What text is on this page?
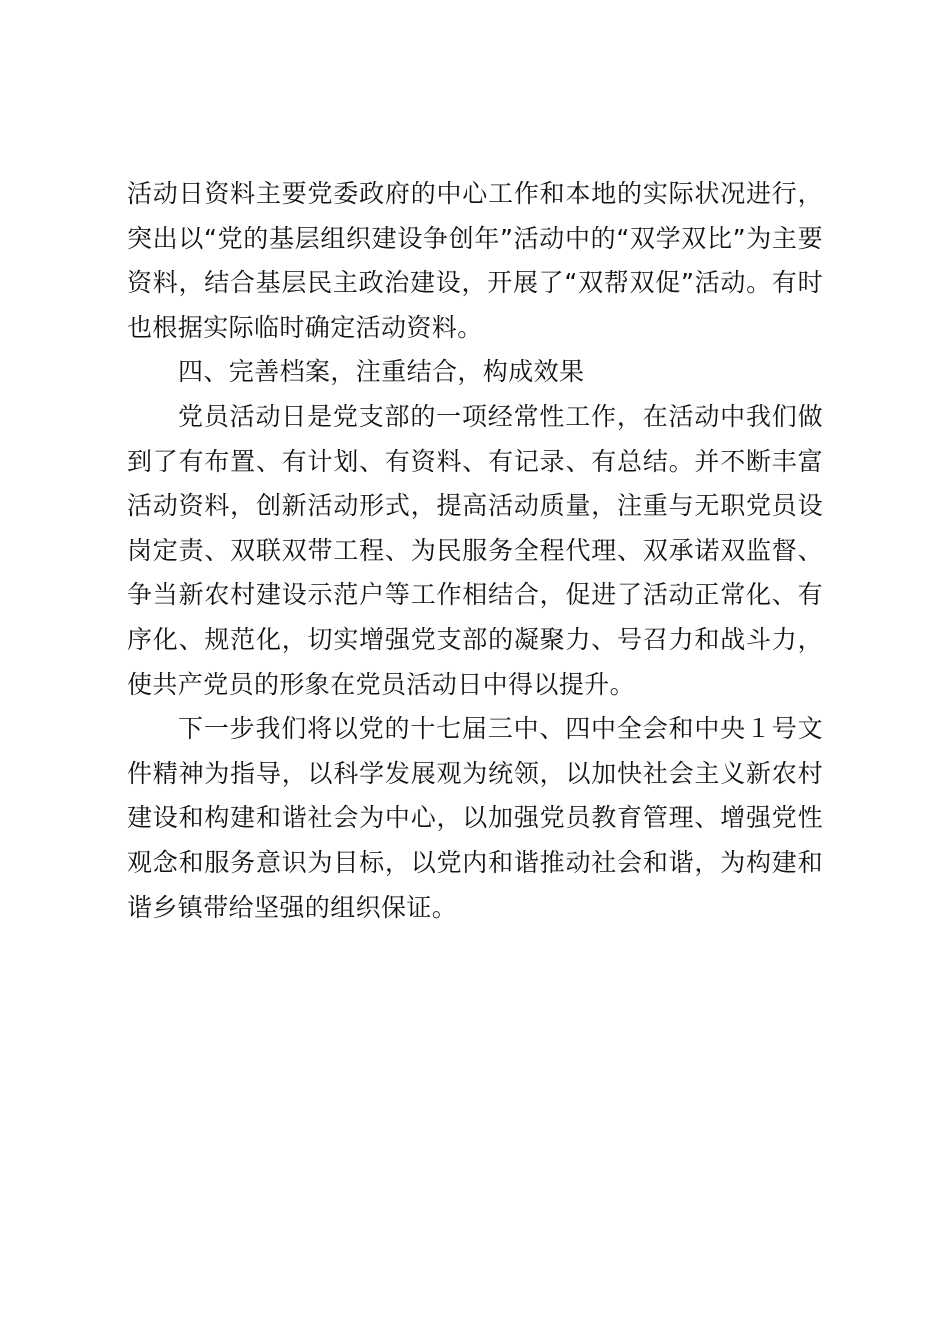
活动日资料主要党委政府的中心工作和本地的实际状况进行，突出以“党的基层组织建设争创年”活动中的“双学双比”为主要资料，结合基层民主政治建设，开展了“双帮双促”活动。有时也根据实际临时确定活动资料。

四、完善档案，注重结合，构成效果

党员活动日是党支部的一项经常性工作，在活动中我们做到了有布置、有计划、有资料、有记录、有总结。并不断丰富活动资料，创新活动形式，提高活动质量，注重与无职党员设岗定责、双联双带工程、为民服务全程代理、双承诺双监督、争当新农村建设示范户等工作相结合，促进了活动正常化、有序化、规范化，切实增强党支部的凝聚力、号召力和战斗力，使共产党员的形象在党员活动日中得以提升。

下一步我们将以党的十七届三中、四中全会和中央１号文件精神为指导，以科学发展观为统领，以加快社会主义新农村建设和构建和谐社会为中心，以加强党员教育管理、增强党性观念和服务意识为目标，以党内和谐推动社会和谐，为构建和谐乡镇带给坚强的组织保证。
